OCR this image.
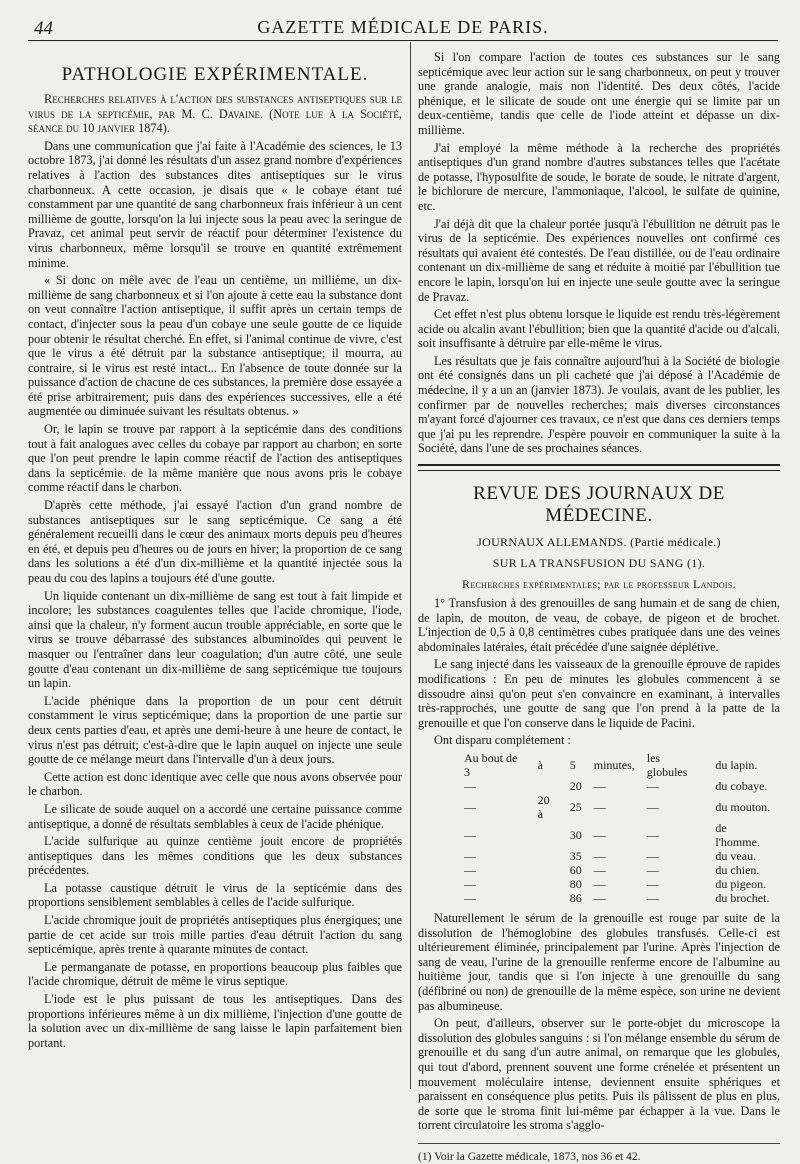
44	GAZETTE MÉDICALE DE PARIS.
PATHOLOGIE EXPÉRIMENTALE.

Recherches relatives à l'action des substances antiseptiques sur le virus de la septicémie, par M. C. Davaine. (Note lue à la Société, séance du 10 janvier 1874).

Dans une communication que j'ai faite à l'Académie des sciences, le 13 octobre 1873, j'ai donné les résultats d'un assez grand nombre d'expériences relatives à l'action des substances dites antiseptiques sur le virus charbonneux. A cette occasion, je disais que « le cobaye étant tué constamment par une quantité de sang charbonneux frais inférieur à un cent millième de goutte, lorsqu'on la lui injecte sous la peau avec la seringue de Pravaz, cet animal peut servir de réactif pour déterminer l'existence du virus charbonneux, même lorsqu'il se trouve en quantité extrêmement minime.

« Si donc on mêle avec de l'eau un centième, un millième, un dix-millième de sang charbonneux et si l'on ajoute à cette eau la substance dont on veut connaître l'action antiseptique, il suffit après un certain temps de contact, d'injecter sous la peau d'un cobaye une seule goutte de ce liquide pour obtenir le résultat cherché. En effet, si l'animal continue de vivre, c'est que le virus a été détruit par la substance antiseptique; il mourra, au contraire, si le virus est resté intact... En l'absence de toute donnée sur la puissance d'action de chacune de ces substances, la première dose essayée a été prise arbitrairement; puis dans des expériences successives, elle a été augmentée ou diminuée suivant les résultats obtenus. »

Or, le lapin se trouve par rapport à la septicémie dans des conditions tout à fait analogues avec celles du cobaye par rapport au charbon; en sorte que l'on peut prendre le lapin comme réactif de l'action des antiseptiques dans la septicémie. de la même manière que nous avons pris le cobaye comme réactif dans le charbon.

D'après cette méthode, j'ai essayé l'action d'un grand nombre de substances antiseptiques sur le sang septicémique. Ce sang a été généralement recueilli dans le cœur des animaux morts depuis peu d'heures en été, et depuis peu d'heures ou de jours en hiver; la proportion de ce sang dans les solutions a été d'un dix-millième et la quantité injectée sous la peau du cou des lapins a toujours été d'une goutte.

Un liquide contenant un dix-millième de sang est tout à fait limpide et incolore; les substances coagulentes telles que l'acide chromique, l'iode, ainsi que la chaleur, n'y forment aucun trouble appréciable, en sorte que le virus se trouve débarrassé des substances albuminoïdes qui peuvent le masquer ou l'entraîner dans leur coagulation; d'un autre côté, une seule goutte d'eau contenant un dix-millième de sang septicémique tue toujours un lapin.

L'acide phénique dans la proportion de un pour cent détruit constamment le virus septicémique; dans la proportion de une partie sur deux cents parties d'eau, et après une demi-heure à une heure de contact, le virus n'est pas détruit; c'est-à-dire que le lapin auquel on injecte une seule goutte de ce mélange meurt dans l'intervalle d'un à deux jours.

Cette action est donc identique avec celle que nous avons observée pour le charbon.

Le silicate de soude auquel on a accordé une certaine puissance comme antiseptique, a donné de résultats semblables à ceux de l'acide phénique.

L'acide sulfurique au quinze centième jouit encore de propriétés antiseptiques dans les mêmes conditions que les deux substances précédentes.

La potasse caustique détruit le virus de la septicémie dans des proportions sensiblement semblables à celles de l'acide sulfurique.

L'acide chromique jouit de propriétés antiseptiques plus énergiques; une partie de cet acide sur trois mille parties d'eau détruit l'action du sang septicémique, après trente à quarante minutes de contact.

Le permanganate de potasse, en proportions beaucoup plus faibles que l'acide chromique, détruit de même le virus septique.

L'iode est le plus puissant de tous les antiseptiques. Dans des proportions inférieures même à un dix millième, l'injection d'une goutte de la solution avec un dix-millième de sang laisse le lapin parfaitement bien portant.

Si l'on compare l'action de toutes ces substances sur le sang septicémique avec leur action sur le sang charbonneux, on peut y trouver une grande analogie, mais non l'identité. Des deux côtés, l'acide phénique, et le silicate de soude ont une énergie qui se limite par un deux-centième, tandis que celle de l'iode atteint et dépasse un dix-millième.

J'ai employé la même méthode à la recherche des propriétés antiseptiques d'un grand nombre d'autres substances telles que l'acétate de potasse, l'hyposulfite de soude, le borate de soude, le nitrate d'argent, le bichlorure de mercure, l'ammoniaque, l'alcool, le sulfate de quinine, etc.

J'ai déjà dit que la chaleur portée jusqu'à l'ébullition ne détruit pas le virus de la septicémie. Des expériences nouvelles ont confirmé ces résultats qui avaient été contestés. De l'eau distillée, ou de l'eau ordinaire contenant un dix-millième de sang et réduite à moitié par l'ébullition tue encore le lapin, lorsqu'on lui en injecte une seule goutte avec la seringue de Pravaz.

Cet effet n'est plus obtenu lorsque le liquide est rendu très-légèrement acide ou alcalin avant l'ébullition; bien que la quantité d'acide ou d'alcali, soit insuffisante à détruire par elle-même le virus.

Les résultats que je fais connaître aujourd'hui à la Société de biologie ont été consignés dans un pli cacheté que j'ai déposé à l'Académie de médecine, il y a un an (janvier 1873). Je voulais, avant de les publier, les confirmer par de nouvelles recherches; mais diverses circonstances m'ayant forcé d'ajourner ces travaux, ce n'est que dans ces derniers temps que j'ai pu les reprendre. J'espère pouvoir en communiquer la suite à la Société, dans l'une de ses prochaines séances.

REVUE DES JOURNAUX DE MÉDECINE.
JOURNAUX ALLEMANDS. (Partie médicale.)
SUR LA TRANSFUSION DU SANG (1).
Recherches expérimentales; par le professeur Landois.

1° Transfusion à des grenouilles de sang humain et de sang de chien, de lapin, de mouton, de veau, de cobaye, de pigeon et de brochet. L'injection de 0,5 à 0,8 centimètres cubes pratiquée dans une des veines abdominales latérales, était précédée d'une saignée déplétive.

Le sang injecté dans les vaisseaux de la grenouille éprouve de rapides modifications : En peu de minutes les globules commencent à se dissoudre ainsi qu'on peut s'en convaincre en examinant, à intervalles très-rapprochés, une goutte de sang que l'on prend à la patte de la grenouille et que l'on conserve dans le liquide de Pacini.

Ont disparu complétement :

Au bout de 3	à	5	minutes,	les globules	du lapin.
—		20	—	—	du cobaye.
—	20 à	25	—	—	du mouton.
—		30	—	—	de l'homme.
—		35	—	—	du veau.
—		60	—	—	du chien.
—		80	—	—	du pigeon.
—		86	—	—	du brochet.

Naturellement le sérum de la grenouille est rouge par suite de la dissolution de l'hémoglobine des globules transfusés. Celle-ci est ultérieurement éliminée, principalement par l'urine. Après l'injection de sang de veau, l'urine de la grenouille renferme encore de l'albumine au huitième jour, tandis que si l'on injecte à une grenouille du sang (défibriné ou non) de grenouille de la même espèce, son urine ne devient pas albumineuse.

On peut, d'ailleurs, observer sur le porte-objet du microscope la dissolution des globules sanguins : si l'on mélange ensemble du sérum de grenouille et du sang d'un autre animal, on remarque que les globules, qui tout d'abord, prennent souvent une forme crénelée et présentent un mouvement moléculaire intense, deviennent ensuite sphériques et paraissent en conséquence plus petits. Puis ils pâlissent de plus en plus, de sorte que le stroma finit lui-même par échapper à la vue. Dans le torrent circulatoire les stroma s'agglo-

(1) Voir la Gazette médicale, 1873, nos 36 et 42.
